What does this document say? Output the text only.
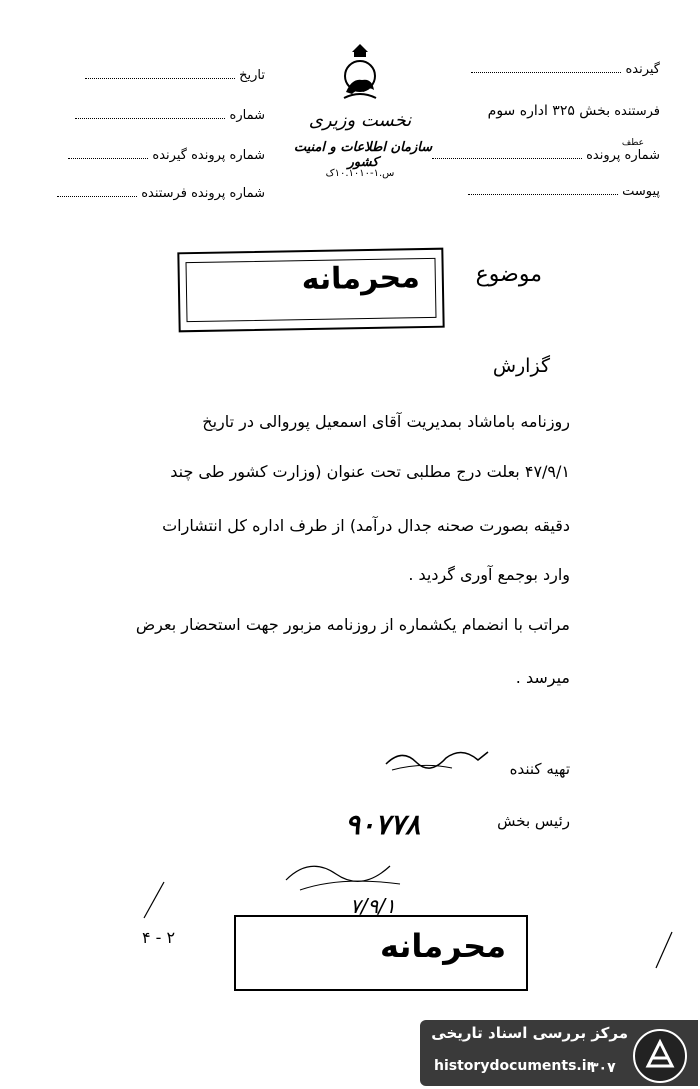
گیرنده
فرستنده بخش ۳۲۵ اداره سوم
شماره پرونده
عطف
پیوست
تاریخ
شماره
شماره پرونده گیرنده
شماره پرونده فرستنده
نخست وزیری
سازمان اطلاعات و امنیت کشور
س.۱-۱۰.۱۰۱۰ک
موضوع
محرمانه
گزارش
روزنامه باماشاد بمدیریت آقای اسمعیل پوروالی در تاریخ
۴۷/۹/۱ بعلت درج مطلبی تحت عنوان (وزارت کشور طی چند
دقیقه بصورت صحنه جدال درآمد) از طرف اداره کل انتشارات
وارد بوجمع آوری گردید .
مراتب با انضمام یکشماره از روزنامه مزبور جهت استحضار بعرض
میرسد .
تهیه کننده
رئیس بخش
۹۰۷۷۸
۷/۹/۱
۴ - ۲	محرمانه
مرکز بررسی اسناد تاریخی
historydocuments.ir
۳۰۷
